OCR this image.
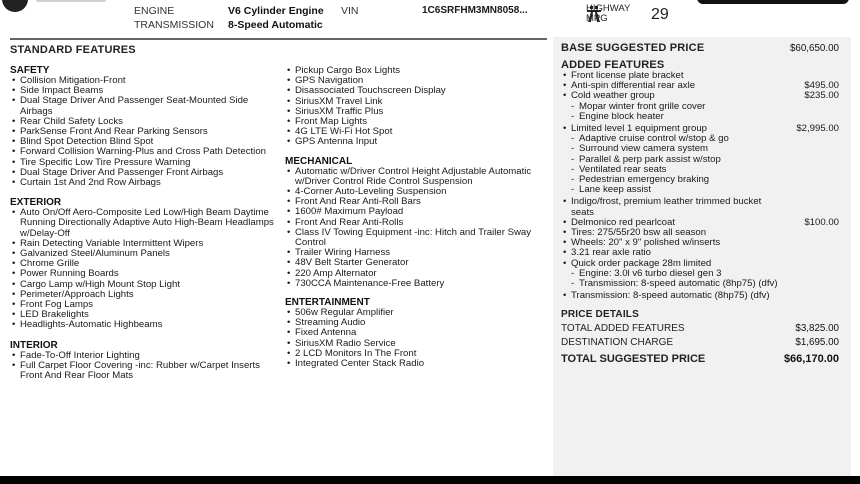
ENGINE	V6 Cylinder Engine
TRANSMISSION 8-Speed Automatic
VIN	1C6SRFHM3MN8058...	HIGHWAY
MPG	29
STANDARD FEATURES
SAFETY
• Collision Mitigation-Front
• Side Impact Beams
• Dual Stage Driver And Passenger Seat-Mounted Side Airbags
• Rear Child Safety Locks
• ParkSense Front And Rear Parking Sensors
• Blind Spot Detection Blind Spot
• Forward Collision Warning-Plus and Cross Path Detection
• Tire Specific Low Tire Pressure Warning
• Dual Stage Driver And Passenger Front Airbags
• Curtain 1st And 2nd Row Airbags
EXTERIOR
• Auto On/Off Aero-Composite Led Low/High Beam Daytime Running Directionally Adaptive Auto High-Beam Headlamps w/Delay-Off
• Rain Detecting Variable Intermittent Wipers
• Galvanized Steel/Aluminum Panels
• Chrome Grille
• Power Running Boards
• Cargo Lamp w/High Mount Stop Light
• Perimeter/Approach Lights
• Front Fog Lamps
• LED Brakelights
• Headlights-Automatic Highbeams
INTERIOR
• Fade-To-Off Interior Lighting
• Full Carpet Floor Covering -inc: Rubber w/Carpet Inserts Front And Rear Floor Mats
• Pickup Cargo Box Lights
• GPS Navigation
• Disassociated Touchscreen Display
• SiriusXM Travel Link
• SiriusXM Traffic Plus
• Front Map Lights
• 4G LTE Wi-Fi Hot Spot
• GPS Antenna Input
MECHANICAL
• Automatic w/Driver Control Height Adjustable Automatic w/Driver Control Ride Control Suspension
• 4-Corner Auto-Leveling Suspension
• Front And Rear Anti-Roll Bars
• 1600# Maximum Payload
• Front And Rear Anti-Rolls
• Class IV Towing Equipment -inc: Hitch and Trailer Sway Control
• Trailer Wiring Harness
• 48V Belt Starter Generator
• 220 Amp Alternator
• 730CCA Maintenance-Free Battery
ENTERTAINMENT
• 506w Regular Amplifier
• Streaming Audio
• Fixed Antenna
• SiriusXM Radio Service
• 2 LCD Monitors In The Front
• Integrated Center Stack Radio
BASE SUGGESTED PRICE	$60,650.00
ADDED FEATURES
• Front license plate bracket
• Anti-spin differential rear axle	$495.00
• Cold weather group	$235.00
- Mopar winter front grille cover
- Engine block heater
• Limited level 1 equipment group	$2,995.00
- Adaptive cruise control w/stop & go
- Surround view camera system
- Parallel & perp park assist w/stop
- Ventilated rear seats
- Pedestrian emergency braking
- Lane keep assist
• Indigo/frost, premium leather trimmed bucket seats
• Delmonico red pearlcoat	$100.00
• Tires: 275/55r20 bsw all season
• Wheels: 20" x 9" polished w/inserts
• 3.21 rear axle ratio
• Quick order package 28m limited
- Engine: 3.0l v6 turbo diesel gen 3
- Transmission: 8-speed automatic (8hp75) (dfv)
• Transmission: 8-speed automatic (8hp75) (dfv)
PRICE DETAILS
TOTAL ADDED FEATURES	$3,825.00
DESTINATION CHARGE	$1,695.00
TOTAL SUGGESTED PRICE	$66,170.00
